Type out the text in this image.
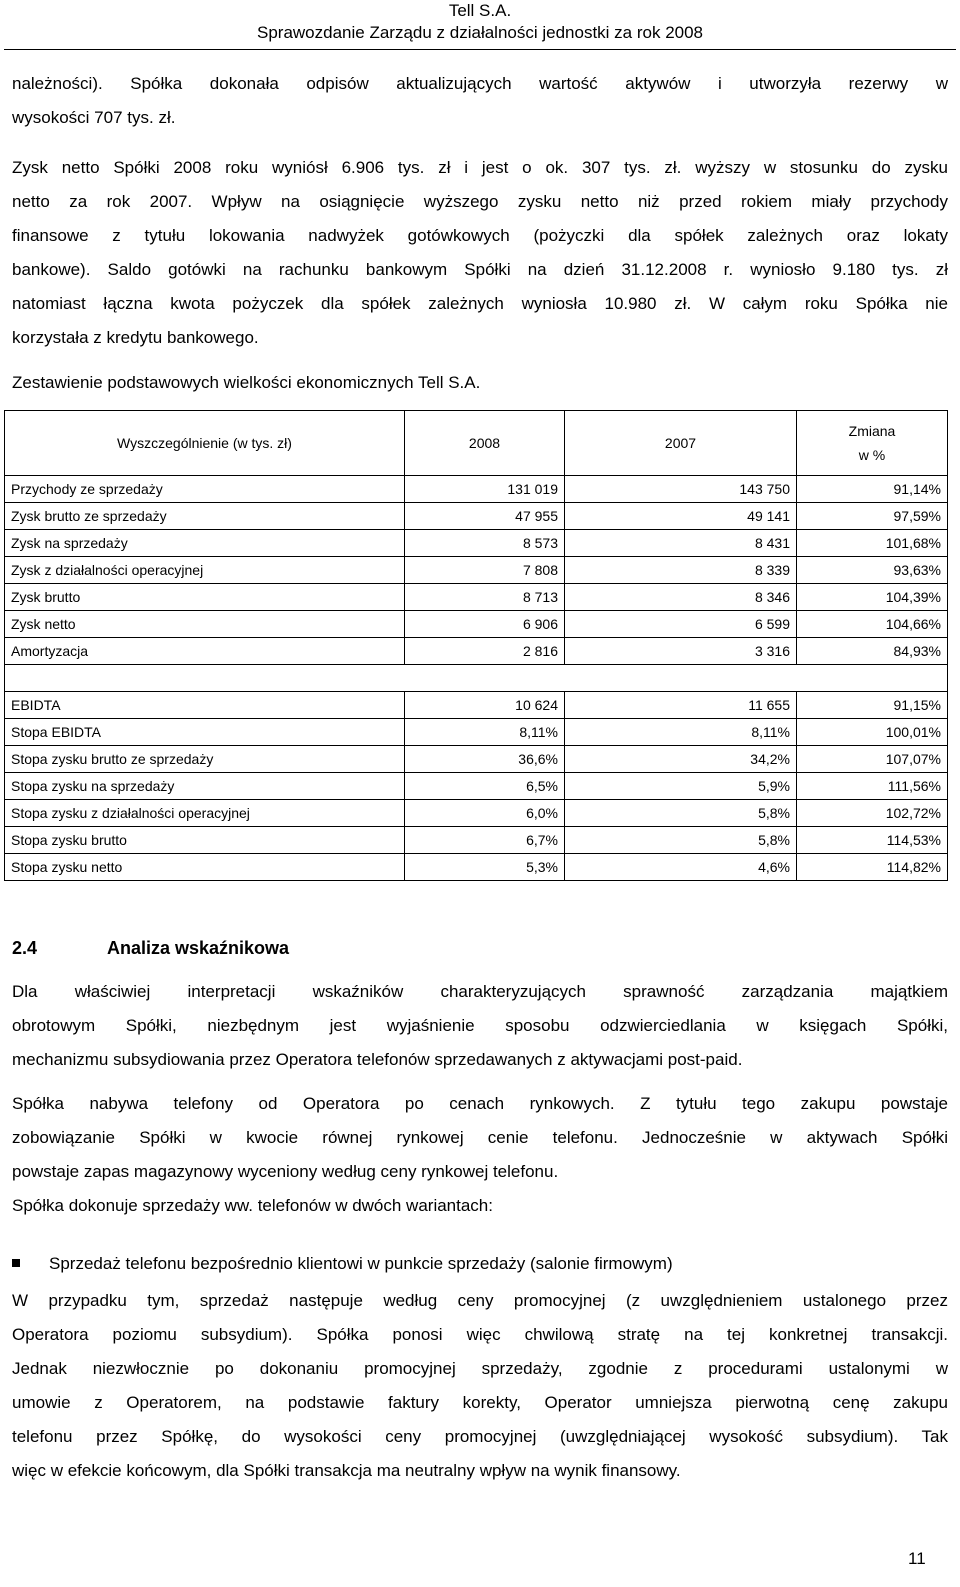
Tell S.A.
Sprawozdanie Zarządu z działalności jednostki za rok 2008
należności). Spółka dokonała odpisów aktualizujących wartość aktywów i utworzyła rezerwy w
wysokości 707 tys. zł.
Zysk netto Spółki 2008 roku wyniósł 6.906 tys. zł i jest o ok. 307 tys. zł. wyższy w stosunku do zysku
netto za rok 2007. Wpływ na osiągnięcie wyższego zysku netto niż przed rokiem miały przychody
finansowe z tytułu lokowania nadwyżek gotówkowych (pożyczki dla spółek zależnych oraz lokaty
bankowe). Saldo gotówki na rachunku bankowym Spółki na dzień 31.12.2008 r. wyniosło 9.180 tys. zł
natomiast łączna kwota pożyczek dla spółek zależnych wyniosła 10.980 zł. W całym roku Spółka nie
korzystała z kredytu bankowego.
Zestawienie podstawowych wielkości ekonomicznych Tell S.A.
Wyszczególnienie (w tys. zł)	2008	2007	Zmiana
w %

Przychody ze sprzedaży	131 019	143 750	91,14%
Zysk brutto ze sprzedaży	47 955	49 141	97,59%
Zysk na sprzedaży	8 573	8 431	101,68%
Zysk z działalności operacyjnej	7 808	8 339	93,63%
Zysk brutto	8 713	8 346	104,39%
Zysk netto	6 906	6 599	104,66%
Amortyzacja	2 816	3 316	84,93%

EBIDTA	10 624	11 655	91,15%
Stopa EBIDTA	8,11%	8,11%	100,01%
Stopa zysku brutto ze sprzedaży	36,6%	34,2%	107,07%
Stopa zysku na sprzedaży	6,5%	5,9%	111,56%
Stopa zysku z działalności operacyjnej	6,0%	5,8%	102,72%
Stopa zysku brutto	6,7%	5,8%	114,53%
Stopa zysku netto	5,3%	4,6%	114,82%
2.4	Analiza wskaźnikowa
Dla właściwiej interpretacji wskaźników charakteryzujących sprawność zarządzania majątkiem
obrotowym Spółki, niezbędnym jest wyjaśnienie sposobu odzwierciedlania w księgach Spółki,
mechanizmu subsydiowania przez Operatora telefonów sprzedawanych z aktywacjami post-paid.
Spółka nabywa telefony od Operatora po cenach rynkowych. Z tytułu tego zakupu powstaje
zobowiązanie Spółki w kwocie równej rynkowej cenie telefonu. Jednocześnie w aktywach Spółki
powstaje zapas magazynowy wyceniony według ceny rynkowej telefonu.
Spółka dokonuje sprzedaży ww. telefonów w dwóch wariantach:
Sprzedaż telefonu bezpośrednio klientowi w punkcie sprzedaży (salonie firmowym)
W przypadku tym, sprzedaż następuje według ceny promocyjnej (z uwzględnieniem ustalonego przez
Operatora poziomu subsydium). Spółka ponosi więc chwilową stratę na tej konkretnej transakcji.
Jednak niezwłocznie po dokonaniu promocyjnej sprzedaży, zgodnie z procedurami ustalonymi w
umowie z Operatorem, na podstawie faktury korekty, Operator umniejsza pierwotną cenę zakupu
telefonu przez Spółkę, do wysokości ceny promocyjnej (uwzględniającej wysokość subsydium). Tak
więc w efekcie końcowym, dla Spółki transakcja ma neutralny wpływ na wynik finansowy.
11
